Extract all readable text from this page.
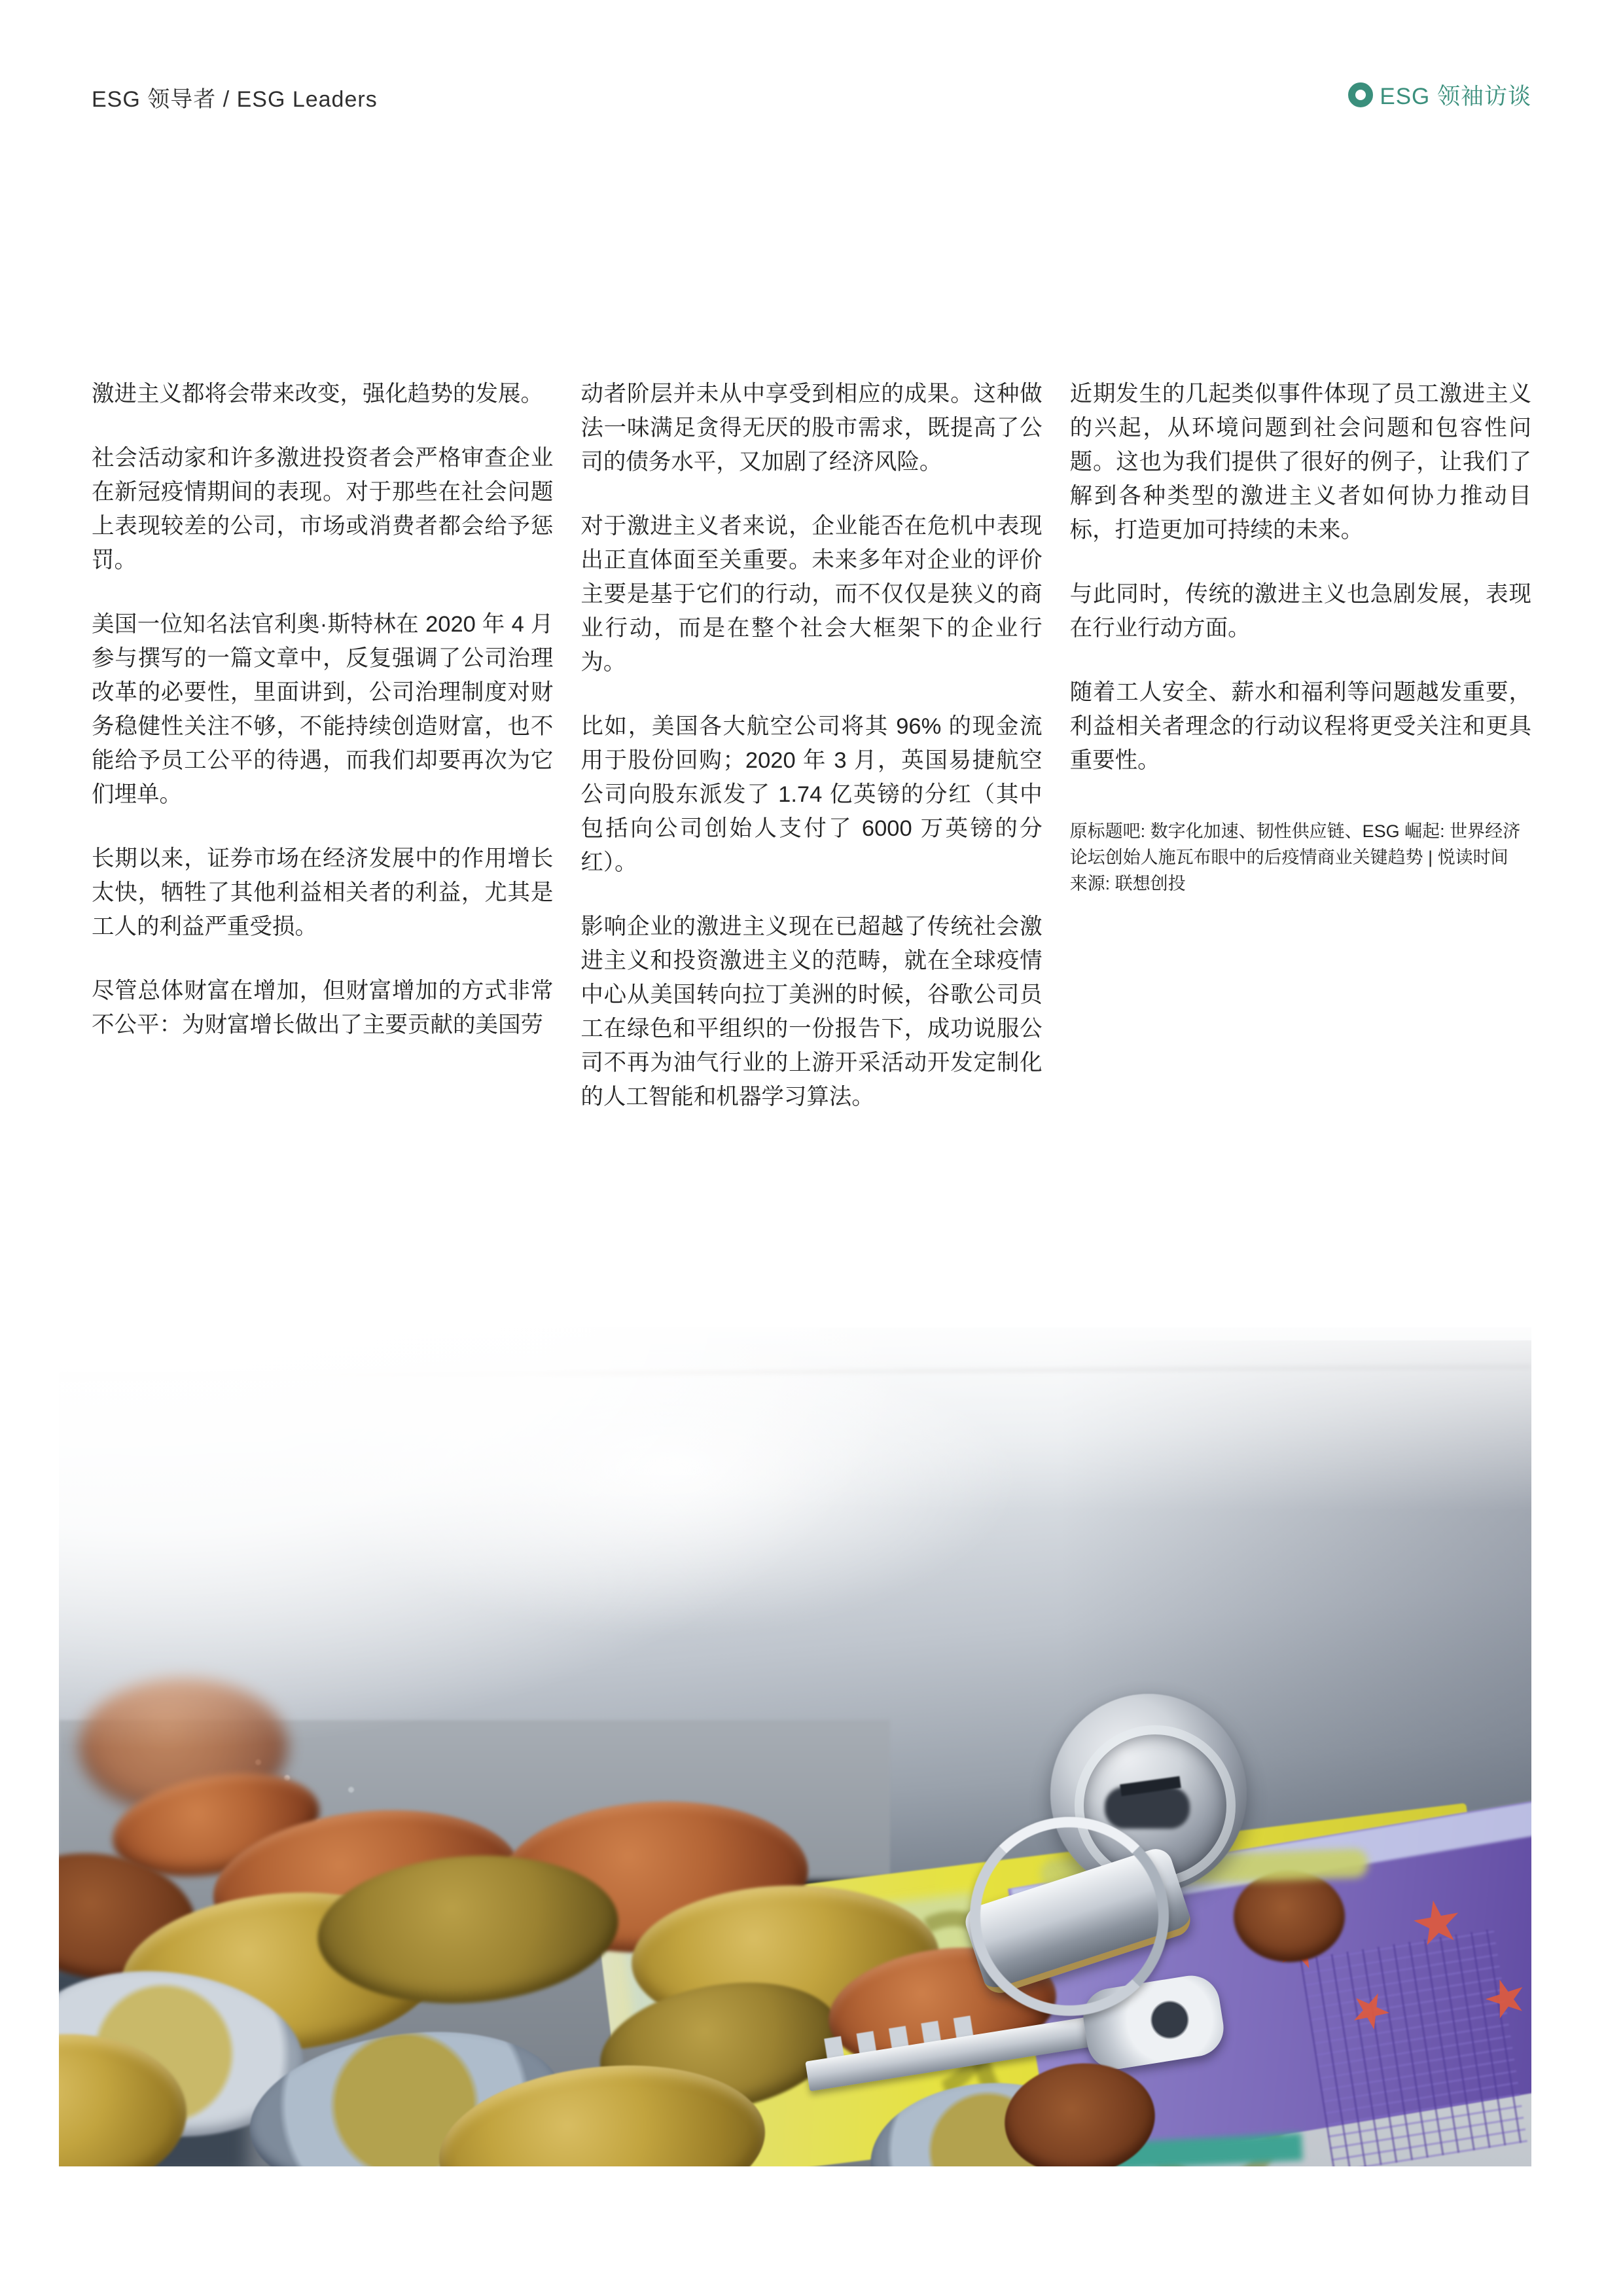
ESG 领导者 / ESG Leaders	ESG 领袖访谈

激进主义都将会带来改变，强化趋势的发展。

社会活动家和许多激进投资者会严格审查企业在新冠疫情期间的表现。对于那些在社会问题上表现较差的公司，市场或消费者都会给予惩罚。

美国一位知名法官利奥·斯特林在 2020 年 4 月参与撰写的一篇文章中，反复强调了公司治理改革的必要性，里面讲到，公司治理制度对财务稳健性关注不够，不能持续创造财富，也不能给予员工公平的待遇，而我们却要再次为它们埋单。

长期以来，证券市场在经济发展中的作用增长太快，牺牲了其他利益相关者的利益，尤其是工人的利益严重受损。

尽管总体财富在增加，但财富增加的方式非常不公平：为财富增长做出了主要贡献的美国劳

动者阶层并未从中享受到相应的成果。这种做法一味满足贪得无厌的股市需求，既提高了公司的债务水平，又加剧了经济风险。

对于激进主义者来说，企业能否在危机中表现出正直体面至关重要。未来多年对企业的评价主要是基于它们的行动，而不仅仅是狭义的商业行动，而是在整个社会大框架下的企业行为。

比如，美国各大航空公司将其 96% 的现金流用于股份回购；2020 年 3 月，英国易捷航空公司向股东派发了 1.74 亿英镑的分红（其中包括向公司创始人支付了 6000 万英镑的分红）。

影响企业的激进主义现在已超越了传统社会激进主义和投资激进主义的范畴，就在全球疫情中心从美国转向拉丁美洲的时候，谷歌公司员工在绿色和平组织的一份报告下，成功说服公司不再为油气行业的上游开采活动开发定制化的人工智能和机器学习算法。

近期发生的几起类似事件体现了员工激进主义的兴起，从环境问题到社会问题和包容性问题。这也为我们提供了很好的例子，让我们了解到各种类型的激进主义者如何协力推动目标，打造更加可持续的未来。

与此同时，传统的激进主义也急剧发展，表现在行业行动方面。

随着工人安全、薪水和福利等问题越发重要，利益相关者理念的行动议程将更受关注和更具重要性。

原标题吧: 数字化加速、韧性供应链、ESG 崛起: 世界经济论坛创始人施瓦布眼中的后疫情商业关键趋势 | 悦读时间

来源: 联想创投
